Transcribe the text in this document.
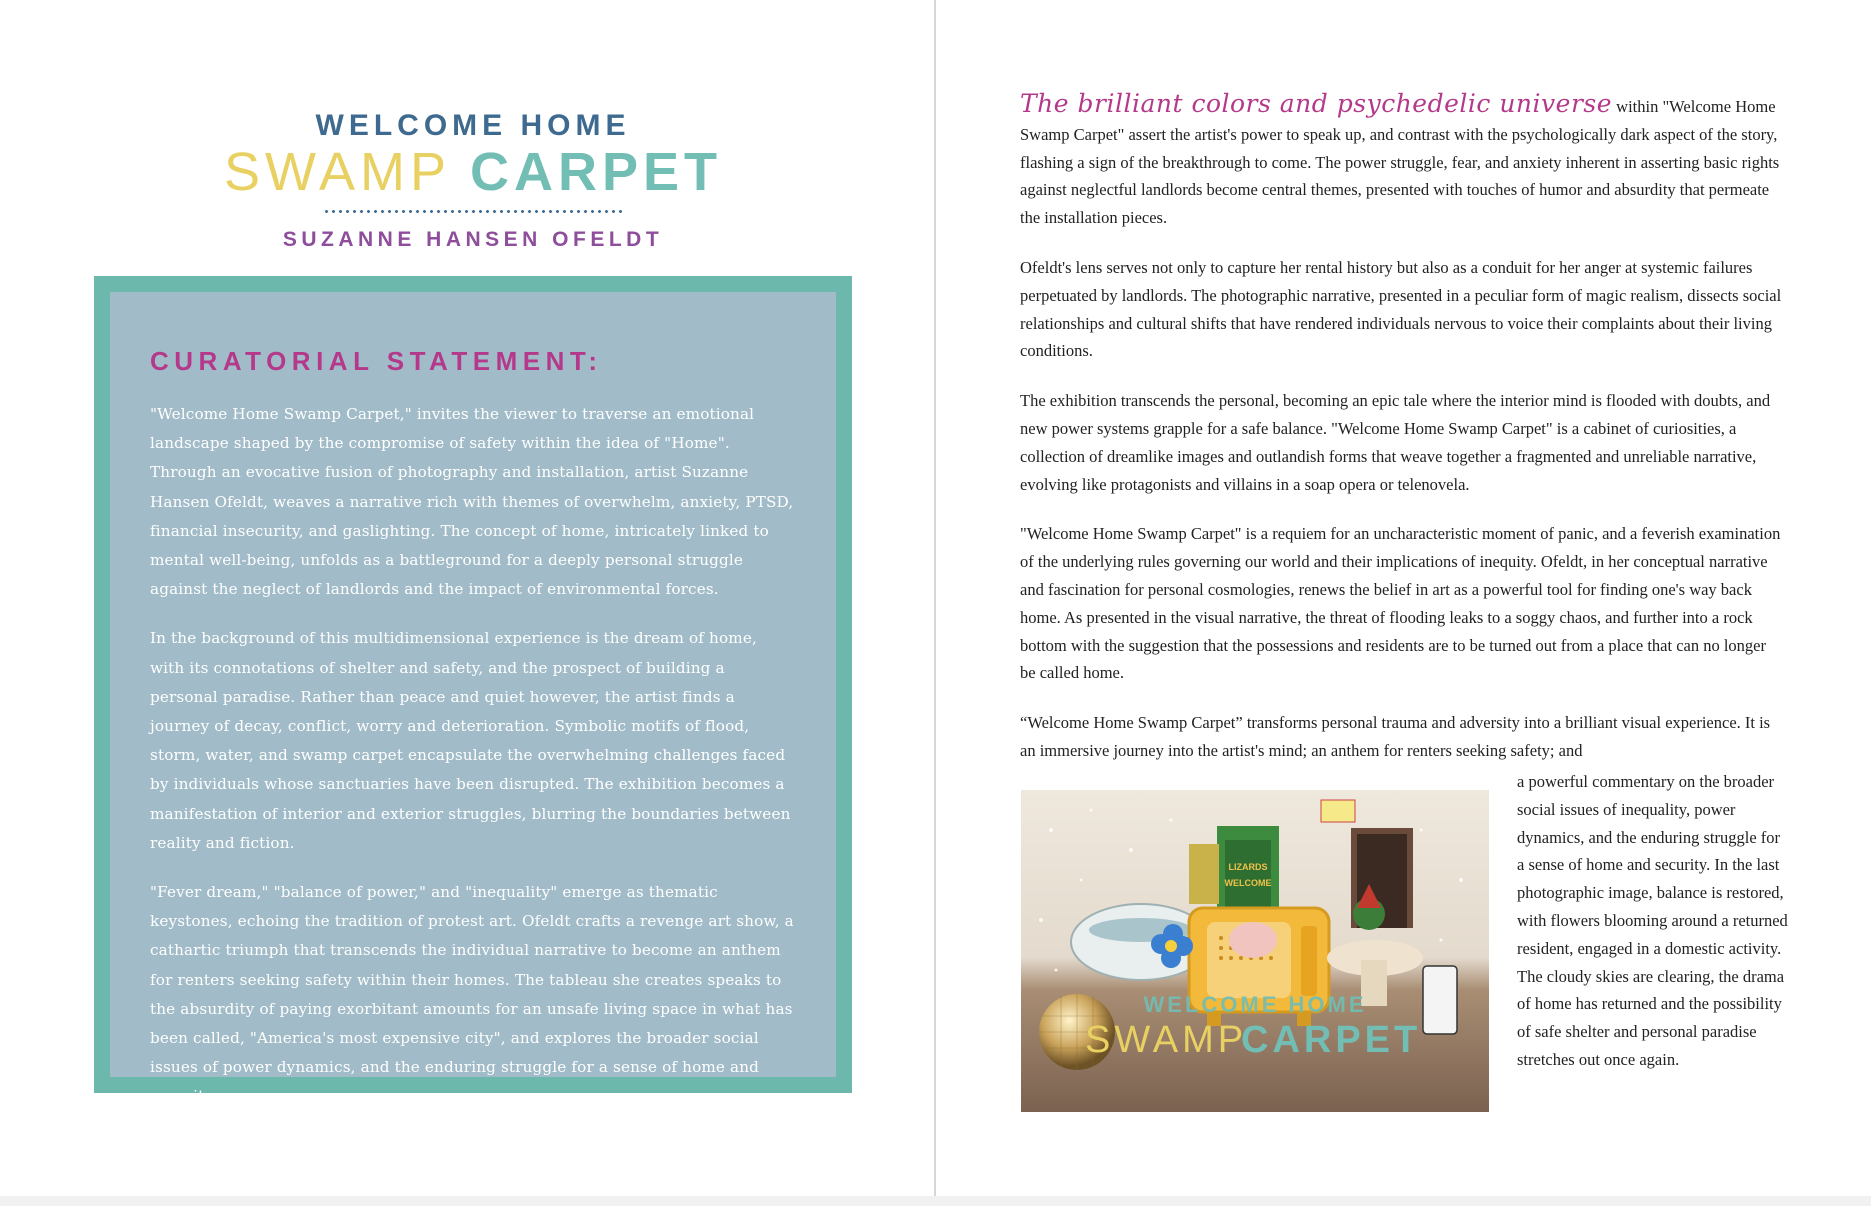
WELCOME HOME
SWAMP CARPET
SUZANNE HANSEN OFELDT
CURATORIAL STATEMENT:

"Welcome Home Swamp Carpet," invites the viewer to traverse an emotional landscape shaped by the compromise of safety within the idea of "Home". Through an evocative fusion of photography and installation, artist Suzanne Hansen Ofeldt, weaves a narrative rich with themes of overwhelm, anxiety, PTSD, financial insecurity, and gaslighting. The concept of home, intricately linked to mental well-being, unfolds as a battleground for a deeply personal struggle against the neglect of landlords and the impact of environmental forces.

In the background of this multidimensional experience is the dream of home, with its connotations of shelter and safety, and the prospect of building a personal paradise. Rather than peace and quiet however, the artist finds a journey of decay, conflict, worry and deterioration. Symbolic motifs of flood, storm, water, and swamp carpet encapsulate the overwhelming challenges faced by individuals whose sanctuaries have been disrupted. The exhibition becomes a manifestation of interior and exterior struggles, blurring the boundaries between reality and fiction.

"Fever dream," "balance of power," and "inequality" emerge as thematic keystones, echoing the tradition of protest art. Ofeldt crafts a revenge art show, a cathartic triumph that transcends the individual narrative to become an anthem for renters seeking safety within their homes. The tableau she creates speaks to the absurdity of paying exorbitant amounts for an unsafe living space in what has been called, "America's most expensive city", and explores the broader social issues of power dynamics, and the enduring struggle for a sense of home and security.

The brilliant colors and psychedelic universe within "Welcome Home Swamp Carpet" assert the artist's power to speak up, and contrast with the psychologically dark aspect of the story, flashing a sign of the breakthrough to come. The power struggle, fear, and anxiety inherent in asserting basic rights against neglectful landlords become central themes, presented with touches of humor and absurdity that permeate the installation pieces.

Ofeldt's lens serves not only to capture her rental history but also as a conduit for her anger at systemic failures perpetuated by landlords. The photographic narrative, presented in a peculiar form of magic realism, dissects social relationships and cultural shifts that have rendered individuals nervous to voice their complaints about their living conditions.

The exhibition transcends the personal, becoming an epic tale where the interior mind is flooded with doubts, and new power systems grapple for a safe balance. "Welcome Home Swamp Carpet" is a cabinet of curiosities, a collection of dreamlike images and outlandish forms that weave together a fragmented and unreliable narrative, evolving like protagonists and villains in a soap opera or telenovela.

"Welcome Home Swamp Carpet" is a requiem for an uncharacteristic moment of panic, and a feverish examination of the underlying rules governing our world and their implications of inequity. Ofeldt, in her conceptual narrative and fascination for personal cosmologies, renews the belief in art as a powerful tool for finding one's way back home. As presented in the visual narrative, the threat of flooding leaks to a soggy chaos, and further into a rock bottom with the suggestion that the possessions and residents are to be turned out from a place that can no longer be called home.

“Welcome Home Swamp Carpet” transforms personal trauma and adversity into a brilliant visual experience. It is an immersive journey into the artist's mind; an anthem for renters seeking safety; and

LIZARDS
WELCOME
WELCOME HOME
SWAMP
CARPET

a powerful commentary on the broader social issues of inequality, power dynamics, and the enduring struggle for a sense of home and security. In the last photographic image, balance is restored, with flowers blooming around a returned resident, engaged in a domestic activity. The cloudy skies are clearing, the drama of home has returned and the possibility of safe shelter and personal paradise stretches out once again.
